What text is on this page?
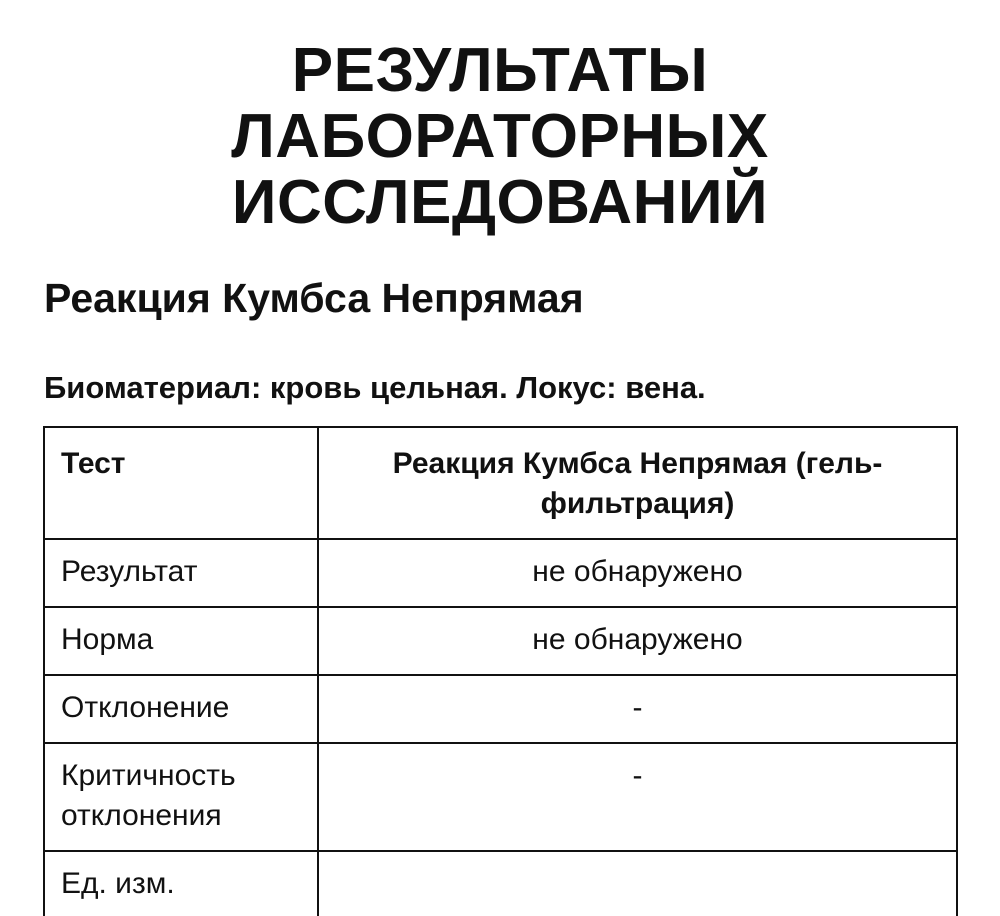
РЕЗУЛЬТАТЫ
ЛАБОРАТОРНЫХ
ИССЛЕДОВАНИЙ
Реакция Кумбса Непрямая

Биоматериал: кровь цельная. Локус: вена.

Тест	Реакция Кумбса Непрямая (гель-фильтрация)
Результат	не обнаружено
Норма	не обнаружено
Отклонение	-
Критичность отклонения	-
Ед. изм.	
